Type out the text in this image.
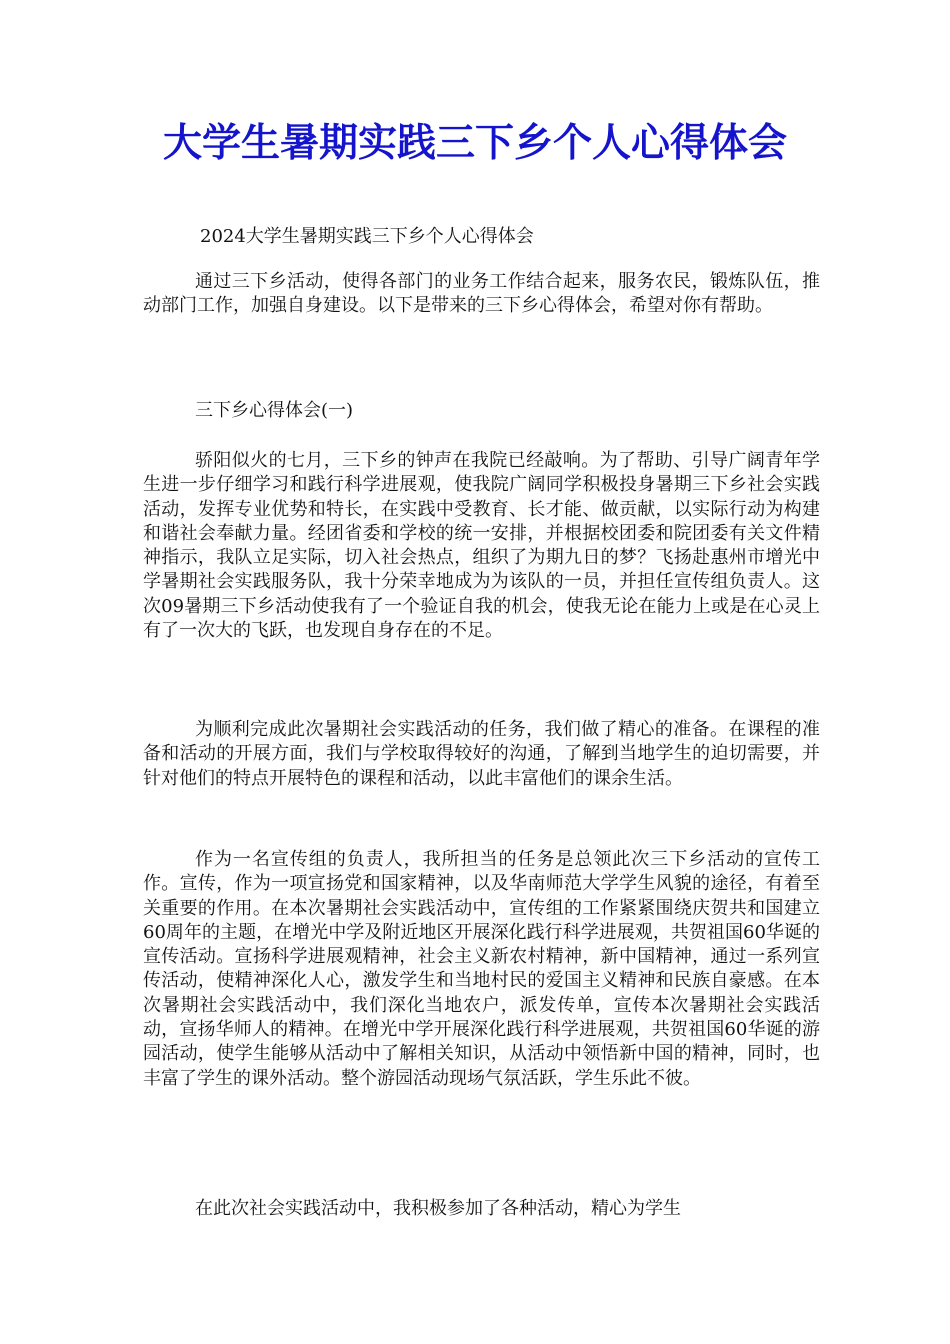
大学生暑期实践三下乡个人心得体会

2024大学生暑期实践三下乡个人心得体会

通过三下乡活动，使得各部门的业务工作结合起来，服务农民，锻炼队伍，推动部门工作，加强自身建设。以下是带来的三下乡心得体会，希望对你有帮助。

三下乡心得体会(一)

骄阳似火的七月，三下乡的钟声在我院已经敲响。为了帮助、引导广阔青年学生进一步仔细学习和践行科学进展观，使我院广阔同学积极投身暑期三下乡社会实践活动，发挥专业优势和特长，在实践中受教育、长才能、做贡献，以实际行动为构建和谐社会奉献力量。经团省委和学校的统一安排，并根据校团委和院团委有关文件精神指示，我队立足实际，切入社会热点，组织了为期九日的梦？飞扬赴惠州市增光中学暑期社会实践服务队，我十分荣幸地成为为该队的一员，并担任宣传组负责人。这次09暑期三下乡活动使我有了一个验证自我的机会，使我无论在能力上或是在心灵上有了一次大的飞跃，也发现自身存在的不足。

为顺利完成此次暑期社会实践活动的任务，我们做了精心的准备。在课程的准备和活动的开展方面，我们与学校取得较好的沟通，了解到当地学生的迫切需要，并针对他们的特点开展特色的课程和活动，以此丰富他们的课余生活。

作为一名宣传组的负责人，我所担当的任务是总领此次三下乡活动的宣传工作。宣传，作为一项宣扬党和国家精神，以及华南师范大学学生风貌的途径，有着至关重要的作用。在本次暑期社会实践活动中，宣传组的工作紧紧围绕庆贺共和国建立60周年的主题，在增光中学及附近地区开展深化践行科学进展观，共贺祖国60华诞的宣传活动。宣扬科学进展观精神，社会主义新农村精神，新中国精神，通过一系列宣传活动，使精神深化人心，激发学生和当地村民的爱国主义精神和民族自豪感。在本次暑期社会实践活动中，我们深化当地农户，派发传单，宣传本次暑期社会实践活动，宣扬华师人的精神。在增光中学开展深化践行科学进展观，共贺祖国60华诞的游园活动，使学生能够从活动中了解相关知识，从活动中领悟新中国的精神，同时，也丰富了学生的课外活动。整个游园活动现场气氛活跃，学生乐此不彼。

在此次社会实践活动中，我积极参加了各种活动，精心为学生
